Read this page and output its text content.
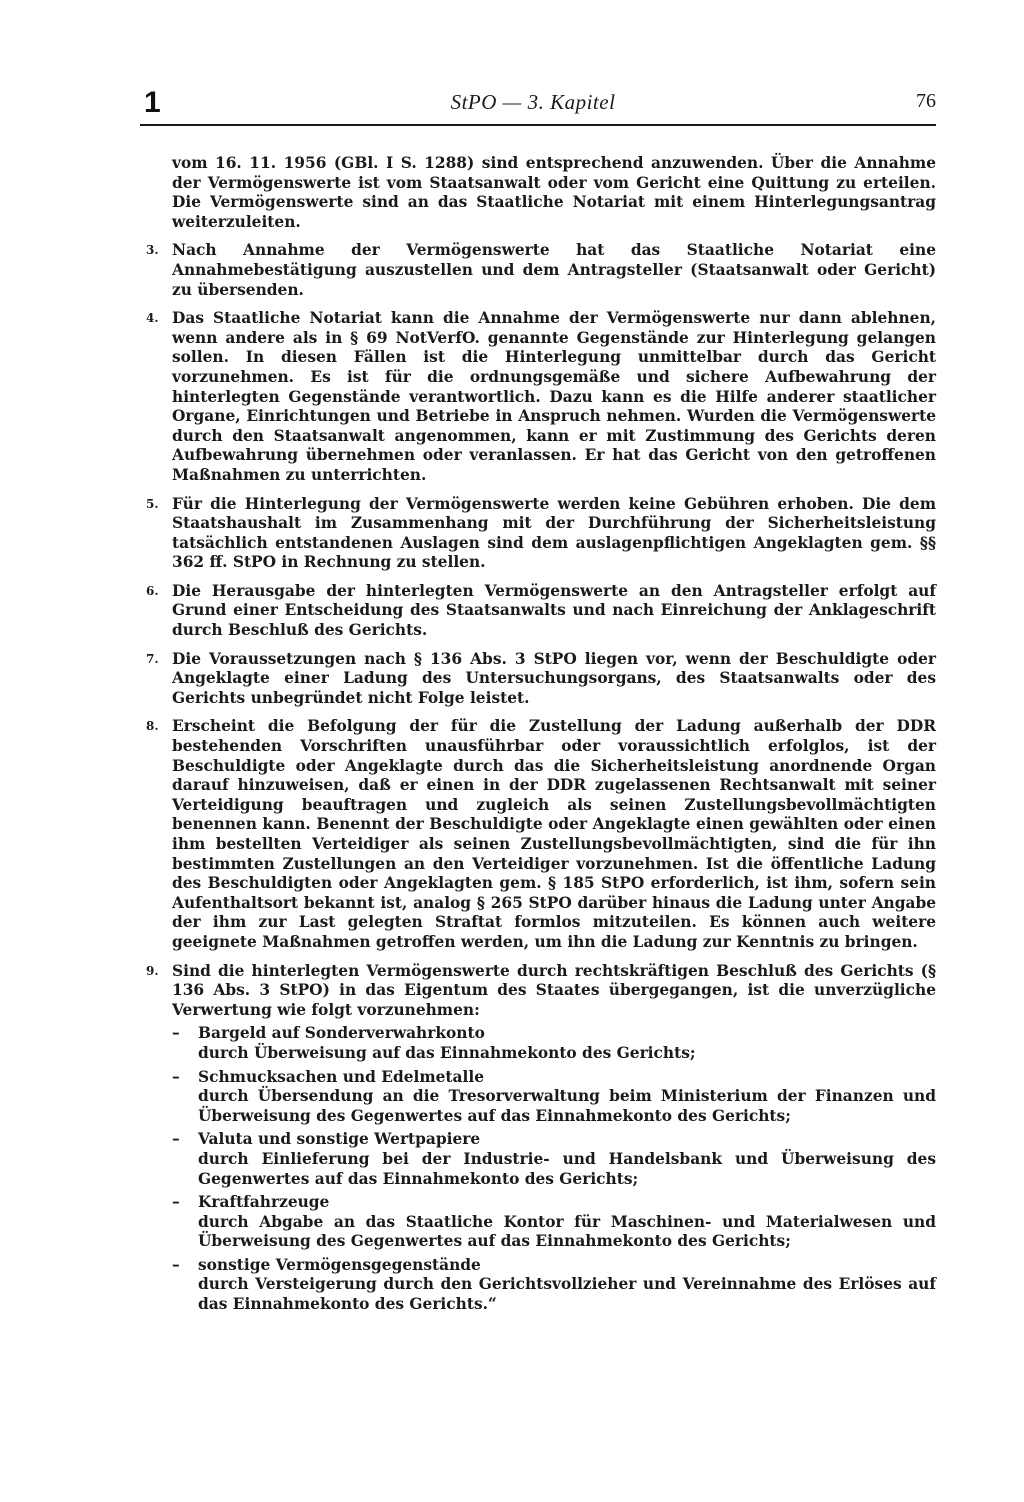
1	StPO — 3. Kapitel	76

vom 16. 11. 1956 (GBl. I S. 1288) sind entsprechend anzuwenden. Über die Annahme der Vermögenswerte ist vom Staatsanwalt oder vom Gericht eine Quittung zu erteilen. Die Vermögenswerte sind an das Staatliche Notariat mit einem Hinterlegungsantrag weiterzuleiten.

3. Nach Annahme der Vermögenswerte hat das Staatliche Notariat eine Annahmebestätigung auszustellen und dem Antragsteller (Staatsanwalt oder Gericht) zu übersenden.

4. Das Staatliche Notariat kann die Annahme der Vermögenswerte nur dann ablehnen, wenn andere als in § 69 NotVerfO. genannte Gegenstände zur Hinterlegung gelangen sollen. In diesen Fällen ist die Hinterlegung unmittelbar durch das Gericht vorzunehmen. Es ist für die ordnungsgemäße und sichere Aufbewahrung der hinterlegten Gegenstände verantwortlich. Dazu kann es die Hilfe anderer staatlicher Organe, Einrichtungen und Betriebe in Anspruch nehmen. Wurden die Vermögenswerte durch den Staatsanwalt angenommen, kann er mit Zustimmung des Gerichts deren Aufbewahrung übernehmen oder veranlassen. Er hat das Gericht von den getroffenen Maßnahmen zu unterrichten.

5. Für die Hinterlegung der Vermögenswerte werden keine Gebühren erhoben. Die dem Staatshaushalt im Zusammenhang mit der Durchführung der Sicherheitsleistung tatsächlich entstandenen Auslagen sind dem auslagenpflichtigen Angeklagten gem. §§ 362 ff. StPO in Rechnung zu stellen.

6. Die Herausgabe der hinterlegten Vermögenswerte an den Antragsteller erfolgt auf Grund einer Entscheidung des Staatsanwalts und nach Einreichung der Anklageschrift durch Beschluß des Gerichts.

7. Die Voraussetzungen nach § 136 Abs. 3 StPO liegen vor, wenn der Beschuldigte oder Angeklagte einer Ladung des Untersuchungsorgans, des Staatsanwalts oder des Gerichts unbegründet nicht Folge leistet.

8. Erscheint die Befolgung der für die Zustellung der Ladung außerhalb der DDR bestehenden Vorschriften unausführbar oder voraussichtlich erfolglos, ist der Beschuldigte oder Angeklagte durch das die Sicherheitsleistung anordnende Organ darauf hinzuweisen, daß er einen in der DDR zugelassenen Rechtsanwalt mit seiner Verteidigung beauftragen und zugleich als seinen Zustellungsbevollmächtigten benennen kann. Benennt der Beschuldigte oder Angeklagte einen gewählten oder einen ihm bestellten Verteidiger als seinen Zustellungsbevollmächtigten, sind die für ihn bestimmten Zustellungen an den Verteidiger vorzunehmen. Ist die öffentliche Ladung des Beschuldigten oder Angeklagten gem. § 185 StPO erforderlich, ist ihm, sofern sein Aufenthaltsort bekannt ist, analog § 265 StPO darüber hinaus die Ladung unter Angabe der ihm zur Last gelegten Straftat formlos mitzuteilen. Es können auch weitere geeignete Maßnahmen getroffen werden, um ihn die Ladung zur Kenntnis zu bringen.

9. Sind die hinterlegten Vermögenswerte durch rechtskräftigen Beschluß des Gerichts (§ 136 Abs. 3 StPO) in das Eigentum des Staates übergegangen, ist die unverzügliche Verwertung wie folgt vorzunehmen:

– Bargeld auf Sonderverwahrkonto
durch Überweisung auf das Einnahmekonto des Gerichts;
– Schmucksachen und Edelmetalle
durch Übersendung an die Tresorverwaltung beim Ministerium der Finanzen und Überweisung des Gegenwertes auf das Einnahmekonto des Gerichts;
– Valuta und sonstige Wertpapiere
durch Einlieferung bei der Industrie- und Handelsbank und Überweisung des Gegenwertes auf das Einnahmekonto des Gerichts;
– Kraftfahrzeuge
durch Abgabe an das Staatliche Kontor für Maschinen- und Materialwesen und Überweisung des Gegenwertes auf das Einnahmekonto des Gerichts;
– sonstige Vermögensgegenstände
durch Versteigerung durch den Gerichtsvollzieher und Vereinnahme des Erlöses auf das Einnahmekonto des Gerichts.“
